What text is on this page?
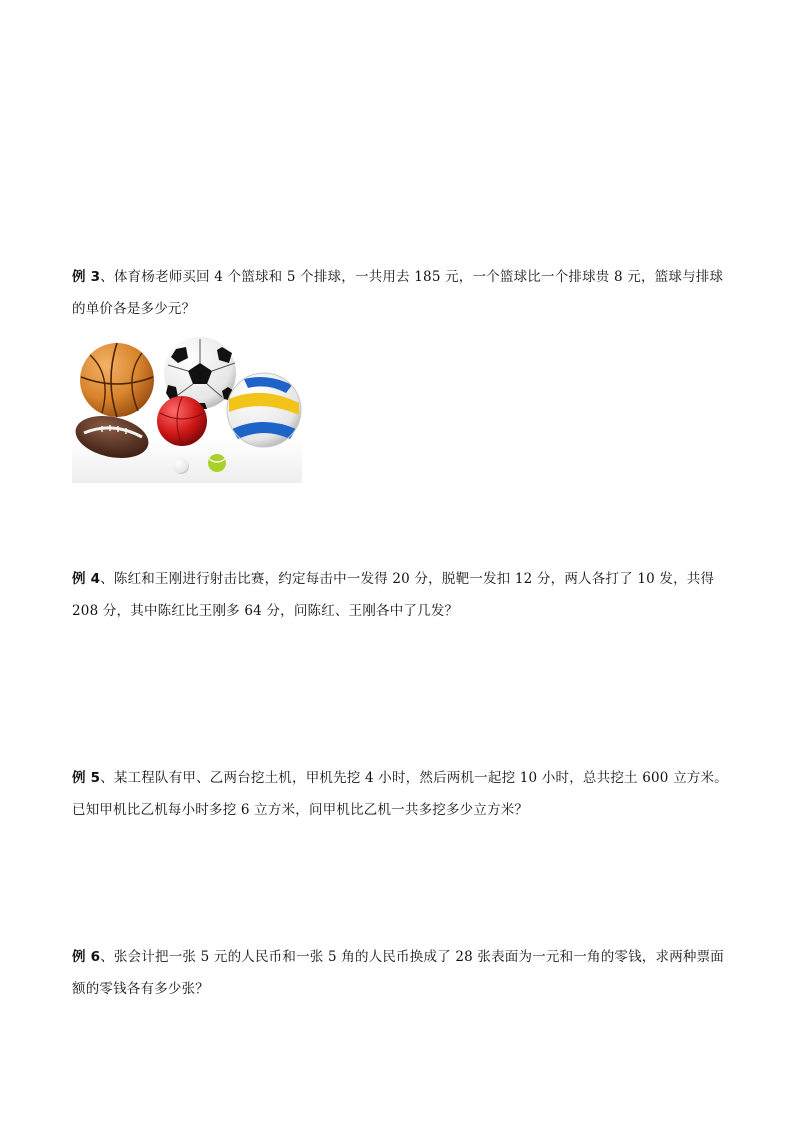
例 3、体育杨老师买回 4 个篮球和 5 个排球，一共用去 185 元，一个篮球比一个排球贵 8 元，篮球与排球的单价各是多少元？
例 4、陈红和王刚进行射击比赛，约定每击中一发得 20 分，脱靶一发扣 12 分，两人各打了 10 发，共得 208 分，其中陈红比王刚多 64 分，问陈红、王刚各中了几发？
例 5、某工程队有甲、乙两台挖土机，甲机先挖 4 小时，然后两机一起挖 10 小时，总共挖土 600 立方米。已知甲机比乙机每小时多挖 6 立方米，问甲机比乙机一共多挖多少立方米？
例 6、张会计把一张 5 元的人民币和一张 5 角的人民币换成了 28 张表面为一元和一角的零钱，求两种票面额的零钱各有多少张？
